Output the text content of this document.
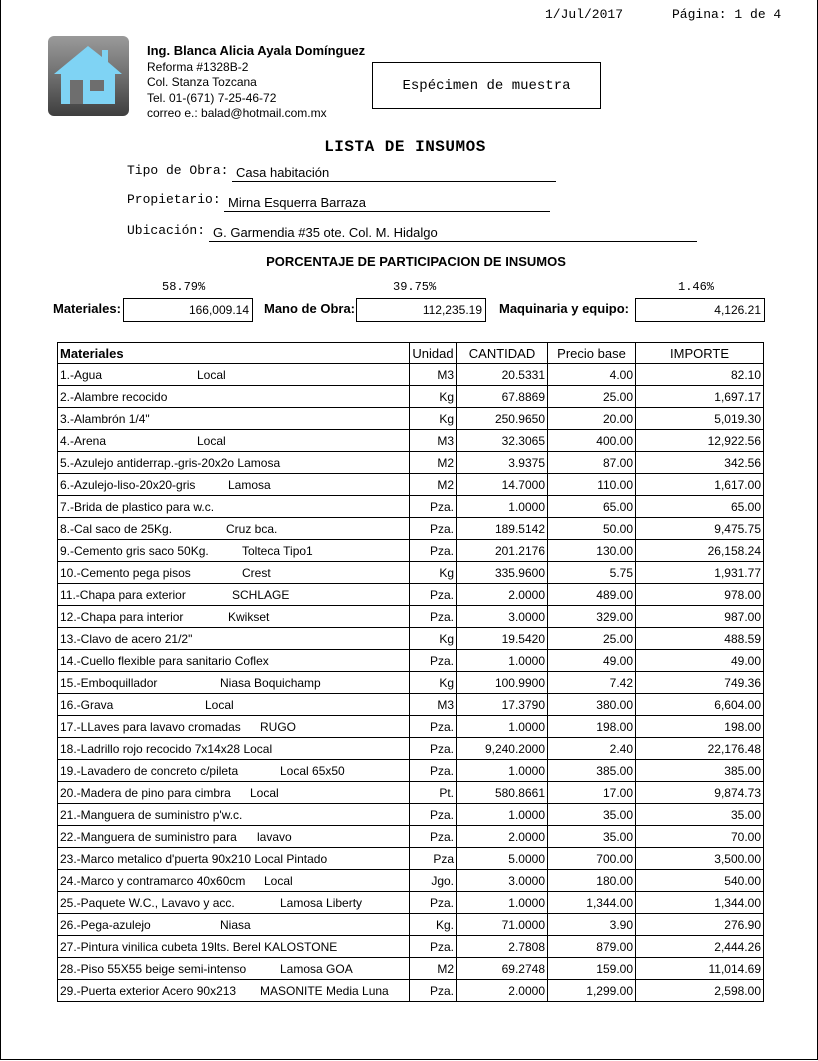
1/Jul/2017	Página: 1 de 4
Ing. Blanca Alicia Ayala Domínguez
Reforma #1328B-2
Col. Stanza Tozcana
Tel. 01-(671) 7-25-46-72
correo e.: balad@hotmail.com.mx
Espécimen de muestra
LISTA DE INSUMOS
Tipo de Obra: Casa habitación
Propietario: Mirna Esquerra Barraza
Ubicación: G. Garmendia #35 ote. Col. M. Hidalgo
PORCENTAJE DE PARTICIPACION DE INSUMOS
58.79%	39.75%	1.46%
Materiales:	166,009.14	Mano de Obra:	112,235.19	Maquinaria y equipo:	4,126.21
Materiales	Unidad	CANTIDAD	Precio base	IMPORTE

1.-Agua Local	M3	20.5331	4.00	82.10

2.-Alambre recocido	Kg	67.8869	25.00	1,697.17

3.-Alambrón 1/4"	Kg	250.9650	20.00	5,019.30

4.-Arena Local	M3	32.3065	400.00	12,922.56

5.-Azulejo antiderrap.-gris-20x2o Lamosa	M2	3.9375	87.00	342.56

6.-Azulejo-liso-20x20-gris Lamosa	M2	14.7000	110.00	1,617.00

7.-Brida de plastico para w.c.	Pza.	1.0000	65.00	65.00

8.-Cal saco de 25Kg. Cruz bca.	Pza.	189.5142	50.00	9,475.75

9.-Cemento gris saco 50Kg. Tolteca Tipo1	Pza.	201.2176	130.00	26,158.24

10.-Cemento pega pisos Crest	Kg	335.9600	5.75	1,931.77

11.-Chapa para exterior SCHLAGE	Pza.	2.0000	489.00	978.00

12.-Chapa para interior Kwikset	Pza.	3.0000	329.00	987.00

13.-Clavo de acero 21/2"	Kg	19.5420	25.00	488.59

14.-Cuello flexible para sanitario Coflex	Pza.	1.0000	49.00	49.00

15.-Emboquillador Niasa Boquichamp	Kg	100.9900	7.42	749.36

16.-Grava Local	M3	17.3790	380.00	6,604.00

17.-LLaves para lavavo cromadas RUGO	Pza.	1.0000	198.00	198.00

18.-Ladrillo rojo recocido 7x14x28 Local	Pza.	9,240.2000	2.40	22,176.48

19.-Lavadero de concreto c/pileta Local 65x50	Pza.	1.0000	385.00	385.00

20.-Madera de pino para cimbra Local	Pt.	580.8661	17.00	9,874.73

21.-Manguera de suministro p'w.c.	Pza.	1.0000	35.00	35.00

22.-Manguera de suministro para lavavo	Pza.	2.0000	35.00	70.00

23.-Marco metalico d'puerta 90x210 Local Pintado	Pza	5.0000	700.00	3,500.00

24.-Marco y contramarco 40x60cm Local	Jgo.	3.0000	180.00	540.00

25.-Paquete W.C., Lavavo y acc. Lamosa Liberty	Pza.	1.0000	1,344.00	1,344.00

26.-Pega-azulejo Niasa	Kg.	71.0000	3.90	276.90

27.-Pintura vinilica cubeta 19lts. Berel KALOSTONE	Pza.	2.7808	879.00	2,444.26

28.-Piso 55X55 beige semi-intenso Lamosa GOA	M2	69.2748	159.00	11,014.69

29.-Puerta exterior Acero 90x213 MASONITE Media Luna	Pza.	2.0000	1,299.00	2,598.00
